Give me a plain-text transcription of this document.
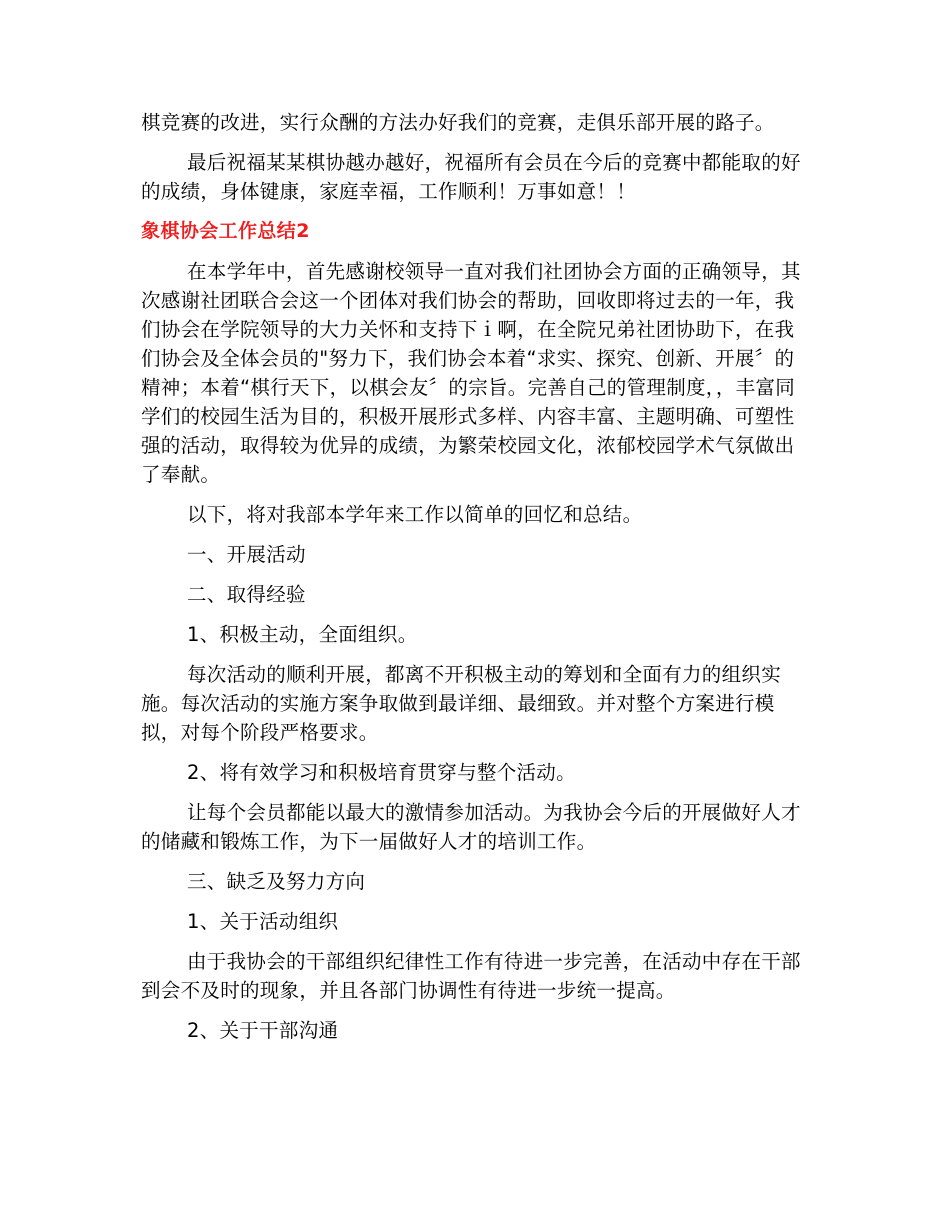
棋竞赛的改进，实行众酬的方法办好我们的竞赛，走俱乐部开展的路子。

最后祝福某某棋协越办越好，祝福所有会员在今后的竞赛中都能取的好的成绩，身体键康，家庭幸福，工作顺利！万事如意！！

象棋协会工作总结2

在本学年中，首先感谢校领导一直对我们社团协会方面的正确领导，其次感谢社团联合会这一个团体对我们协会的帮助，回收即将过去的一年，我们协会在学院领导的大力关怀和支持下ｉ啊，在全院兄弟社团协助下，在我们协会及全体会员的"努力下，我们协会本着“求实、探究、创新、开展〞的精神；本着“棋行天下，以棋会友〞的宗旨。完善自己的管理制度，，丰富同学们的校园生活为目的，积极开展形式多样、内容丰富、主题明确、可塑性强的活动，取得较为优异的成绩，为繁荣校园文化，浓郁校园学术气氛做出了奉献。

以下，将对我部本学年来工作以简单的回忆和总结。

一、开展活动

二、取得经验

1、积极主动，全面组织。

每次活动的顺利开展，都离不开积极主动的筹划和全面有力的组织实施。每次活动的实施方案争取做到最详细、最细致。并对整个方案进行模拟，对每个阶段严格要求。

2、将有效学习和积极培育贯穿与整个活动。

让每个会员都能以最大的激情参加活动。为我协会今后的开展做好人才的储藏和锻炼工作，为下一届做好人才的培训工作。

三、缺乏及努力方向

1、关于活动组织

由于我协会的干部组织纪律性工作有待进一步完善，在活动中存在干部到会不及时的现象，并且各部门协调性有待进一步统一提高。

2、关于干部沟通
